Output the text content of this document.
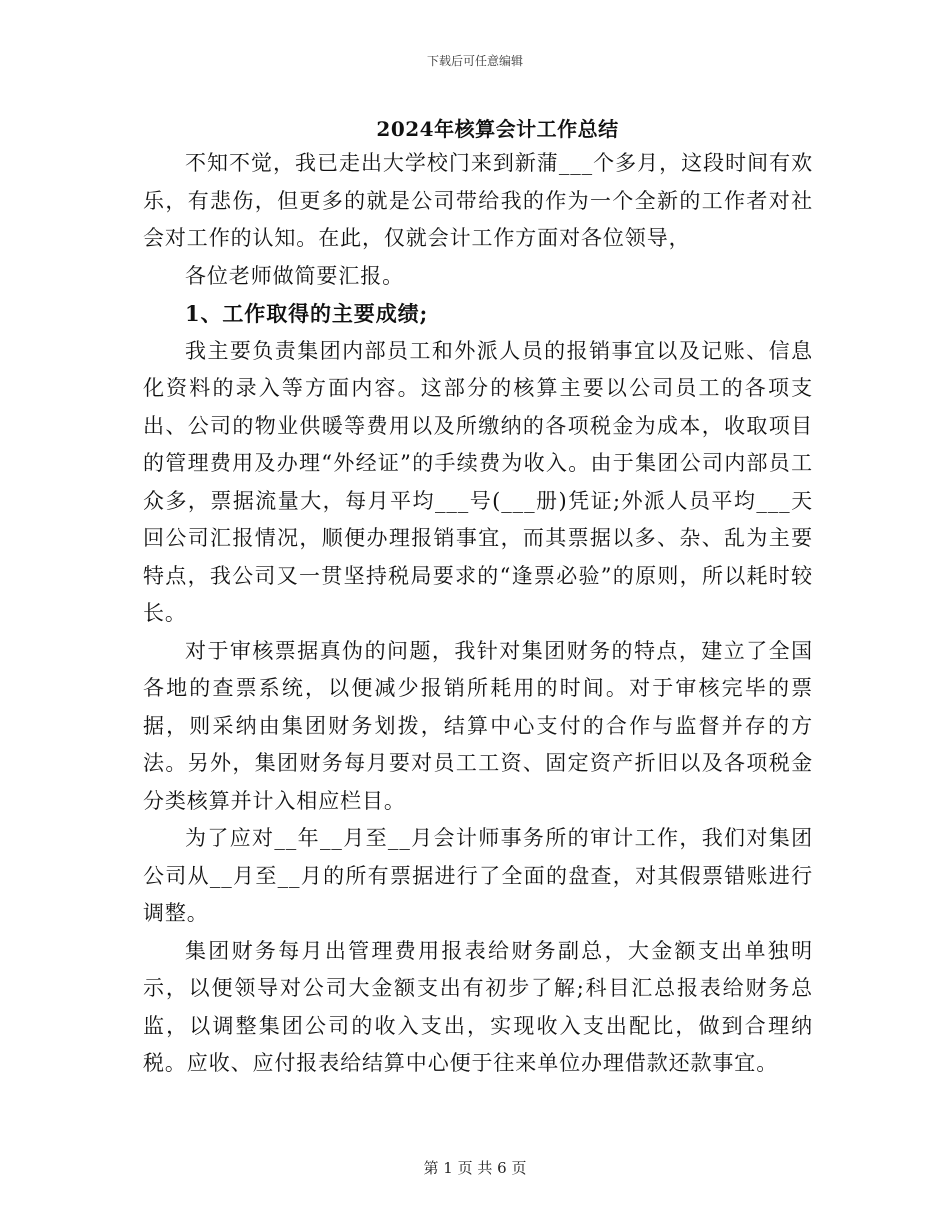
下载后可任意编辑
2024年核算会计工作总结

不知不觉，我已走出大学校门来到新蒲___个多月，这段时间有欢乐，有悲伤，但更多的就是公司带给我的作为一个全新的工作者对社会对工作的认知。在此，仅就会计工作方面对各位领导，

各位老师做简要汇报。

1、工作取得的主要成绩;

我主要负责集团内部员工和外派人员的报销事宜以及记账、信息化资料的录入等方面内容。这部分的核算主要以公司员工的各项支出、公司的物业供暖等费用以及所缴纳的各项税金为成本，收取项目的管理费用及办理“外经证”的手续费为收入。由于集团公司内部员工众多，票据流量大，每月平均___号(___册)凭证;外派人员平均___天回公司汇报情况，顺便办理报销事宜，而其票据以多、杂、乱为主要特点，我公司又一贯坚持税局要求的“逢票必验”的原则，所以耗时较长。

对于审核票据真伪的问题，我针对集团财务的特点，建立了全国各地的查票系统，以便减少报销所耗用的时间。对于审核完毕的票据，则采纳由集团财务划拨，结算中心支付的合作与监督并存的方法。另外，集团财务每月要对员工工资、固定资产折旧以及各项税金分类核算并计入相应栏目。

为了应对__年__月至__月会计师事务所的审计工作，我们对集团公司从__月至__月的所有票据进行了全面的盘查，对其假票错账进行调整。

集团财务每月出管理费用报表给财务副总，大金额支出单独明示，以便领导对公司大金额支出有初步了解;科目汇总报表给财务总监，以调整集团公司的收入支出，实现收入支出配比，做到合理纳税。应收、应付报表给结算中心便于往来单位办理借款还款事宜。

第 1 页 共 6 页
